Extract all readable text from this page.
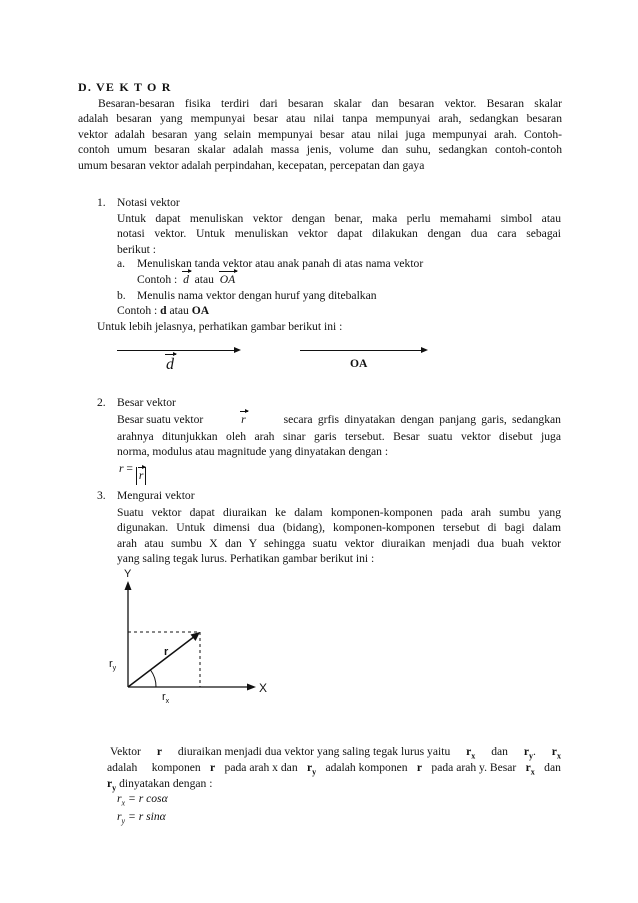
D. VE K T O R
Besaran-besaran fisika terdiri dari besaran skalar dan besaran vektor. Besaran skalar
adalah besaran yang mempunyai besar atau nilai tanpa mempunyai arah, sedangkan besaran
vektor adalah besaran yang selain mempunyai besar atau nilai juga mempunyai arah. Contoh-
contoh umum besaran skalar adalah massa jenis, volume dan suhu, sedangkan contoh-contoh
umum besaran vektor adalah perpindahan, kecepatan, percepatan dan gaya
1. Notasi vektor
Untuk dapat menuliskan vektor dengan benar, maka perlu memahami simbol atau
notasi vektor. Untuk menuliskan vektor dapat dilakukan dengan dua cara sebagai
berikut :
a. Menuliskan tanda vektor atau anak panah di atas nama vektor
Contoh : d atau OA
b. Menulis nama vektor dengan huruf yang ditebalkan
Contoh : d atau OA
Untuk lebih jelasnya, perhatikan gambar berikut ini :
d	OA
2. Besar vektor
Besar suatu vektor	r	secara grfis dinyatakan dengan panjang garis, sedangkan
arahnya ditunjukkan oleh arah sinar garis tersebut. Besar suatu vektor disebut juga
norma, modulus atau magnitude yang dinyatakan dengan :
r = r
3. Mengurai vektor
Suatu vektor dapat diuraikan ke dalam komponen-komponen pada arah sumbu yang
digunakan. Untuk dimensi dua (bidang), komponen-komponen tersebut di bagi dalam
arah atau sumbu X dan Y sehingga suatu vektor diuraikan menjadi dua buah vektor
yang saling tegak lurus. Perhatikan gambar berikut ini :
Y
X
r
$r_y$
$r_x$
Vektor r diuraikan menjadi dua vektor yang saling tegak lurus yaitu $r_x$ dan $r_y$. $r_x$
adalah     komponen r pada arah x dan $r_y$ adalah komponen r pada arah y. Besar $r_x$ dan
$r_y$ dinyatakan dengan :
$r_x = r$ cosα
$r_y = r$ sinα
